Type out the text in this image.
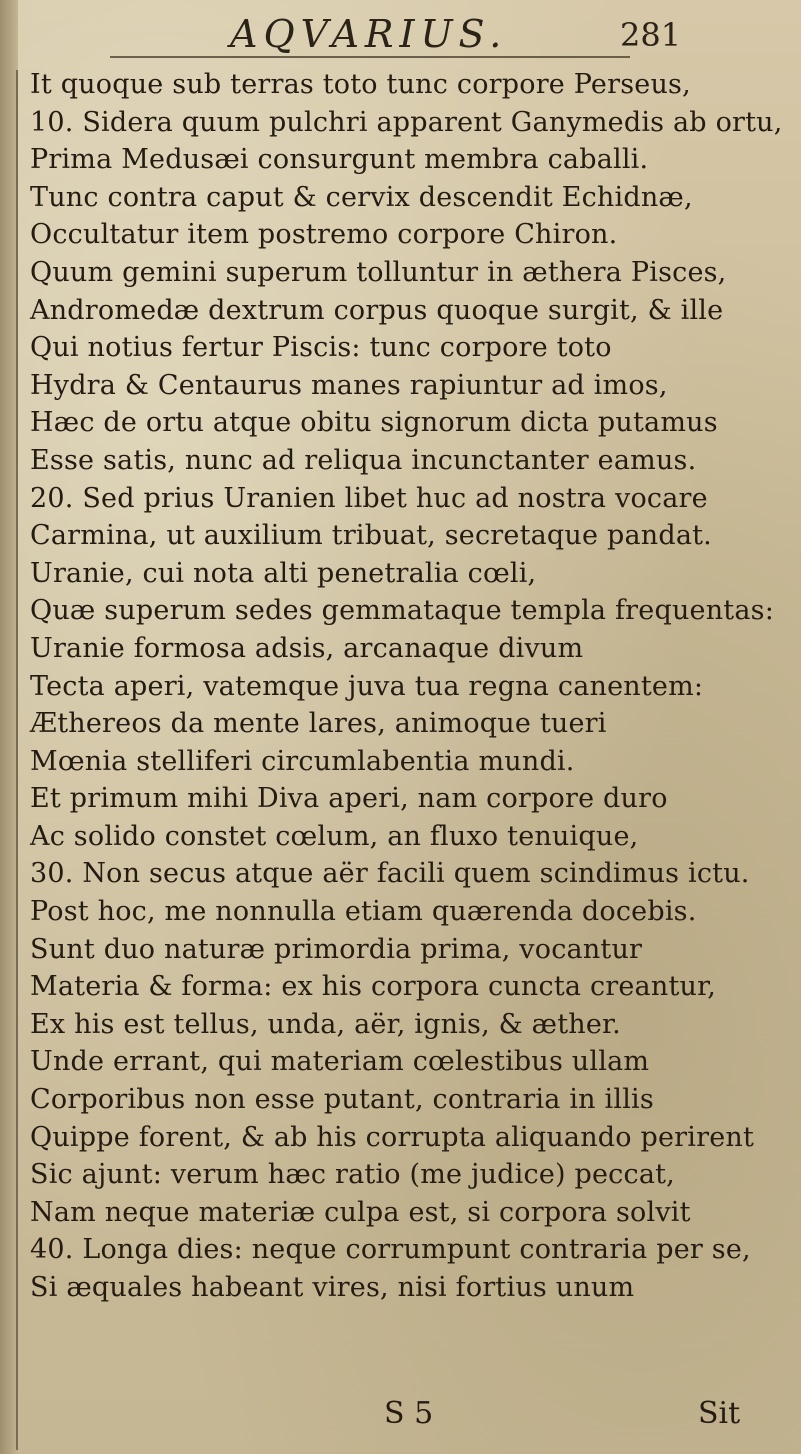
AQVARIUS.	281
It quoque sub terras toto tunc corpore Perseus,
10. Sidera quum pulchri apparent Ganymedis ab ortu,
Prima Medusæi consurgunt membra caballi.
Tunc contra caput & cervix descendit Echidnæ,
Occultatur item postremo corpore Chiron.
Quum gemini superum tolluntur in æthera Pisces,
Andromedæ dextrum corpus quoque surgit, & ille
Qui notius fertur Piscis: tunc corpore toto
Hydra & Centaurus manes rapiuntur ad imos,
Hæc de ortu atque obitu signorum dicta putamus
Esse satis, nunc ad reliqua incunctanter eamus.
20. Sed prius Uranien libet huc ad nostra vocare
Carmina, ut auxilium tribuat, secretaque pandat.
Uranie, cui nota alti penetralia cœli,
Quæ superum sedes gemmataque templa frequentas:
Uranie formosa adsis, arcanaque divum
Tecta aperi, vatemque juva tua regna canentem:
Æthereos da mente lares, animoque tueri
Mœnia stelliferi circumlabentia mundi.
Et primum mihi Diva aperi, nam corpore duro
Ac solido constet cœlum, an fluxo tenuique,
30. Non secus atque aër facili quem scindimus ictu.
Post hoc, me nonnulla etiam quærenda docebis.
Sunt duo naturæ primordia prima, vocantur
Materia & forma: ex his corpora cuncta creantur,
Ex his est tellus, unda, aër, ignis, & æther.
Unde errant, qui materiam cœlestibus ullam
Corporibus non esse putant, contraria in illis
Quippe forent, & ab his corrupta aliquando perirent
Sic ajunt: verum hæc ratio (me judice) peccat,
Nam neque materiæ culpa est, si corpora solvit
40. Longa dies: neque corrumpunt contraria per se,
Si æquales habeant vires, nisi fortius unum
S 5	Sit
